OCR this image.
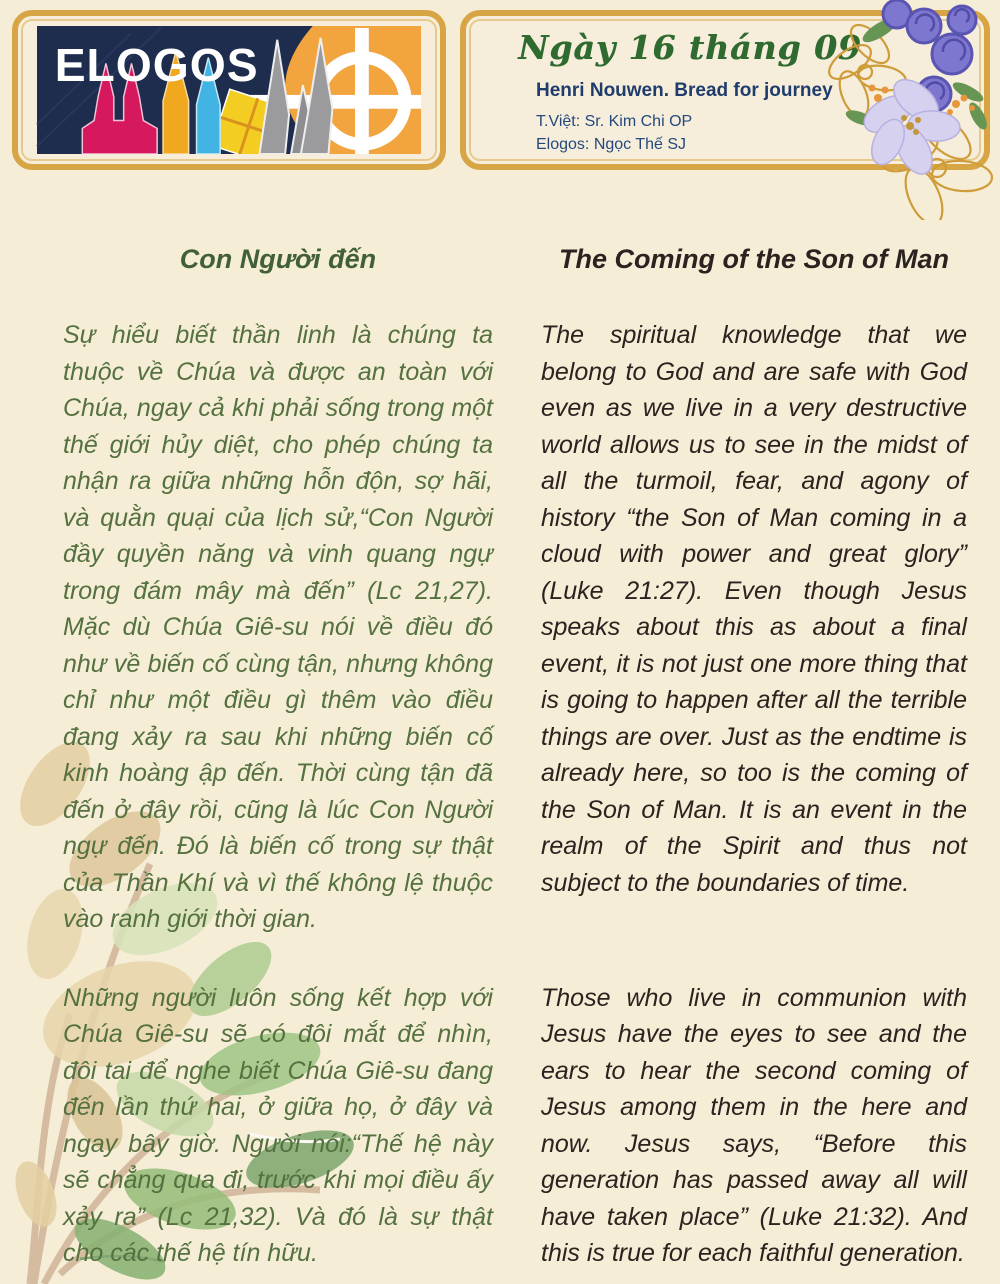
ELOGOS	Ngày 16 tháng 09
Henri Nouwen. Bread for journey
T.Việt: Sr. Kim Chi OP
Elogos: Ngọc Thế SJ
Con Người đến	The Coming of the Son of Man

Sự hiểu biết thần linh là chúng ta thuộc về Chúa và được an toàn với Chúa, ngay cả khi phải sống trong một thế giới hủy diệt, cho phép chúng ta nhận ra giữa những hỗn độn, sợ hãi, và quằn quại của lịch sử,“Con Người đầy quyền năng và vinh quang ngự trong đám mây mà đến” (Lc 21,27). Mặc dù Chúa Giê-su nói về điều đó như về biến cố cùng tận, nhưng không chỉ như một điều gì thêm vào điều đang xảy ra sau khi những biến cố kinh hoàng ập đến. Thời cùng tận đã đến ở đây rồi, cũng là lúc Con Người ngự đến. Đó là biến cố trong sự thật của Thần Khí và vì thế không lệ thuộc vào ranh giới thời gian.

The spiritual knowledge that we belong to God and are safe with God even as we live in a very destructive world allows us to see in the midst of all the turmoil, fear, and agony of history “the Son of Man coming in a cloud with power and great glory” (Luke 21:27). Even though Jesus speaks about this as about a final event, it is not just one more thing that is going to happen after all the terrible things are over. Just as the endtime is already here, so too is the coming of the Son of Man. It is an event in the realm of the Spirit and thus not subject to the boundaries of time.

Những người luôn sống kết hợp với Chúa Giê-su sẽ có đôi mắt để nhìn, đôi tai để nghe biết Chúa Giê-su đang đến lần thứ hai, ở giữa họ, ở đây và ngay bây giờ. Người nói:“Thế hệ này sẽ chẳng qua đi, trước khi mọi điều ấy xảy ra” (Lc 21,32). Và đó là sự thật cho các thế hệ tín hữu.

Those who live in communion with Jesus have the eyes to see and the ears to hear the second coming of Jesus among them in the here and now. Jesus says, “Before this generation has passed away all will have taken place” (Luke 21:32). And this is true for each faithful generation.
